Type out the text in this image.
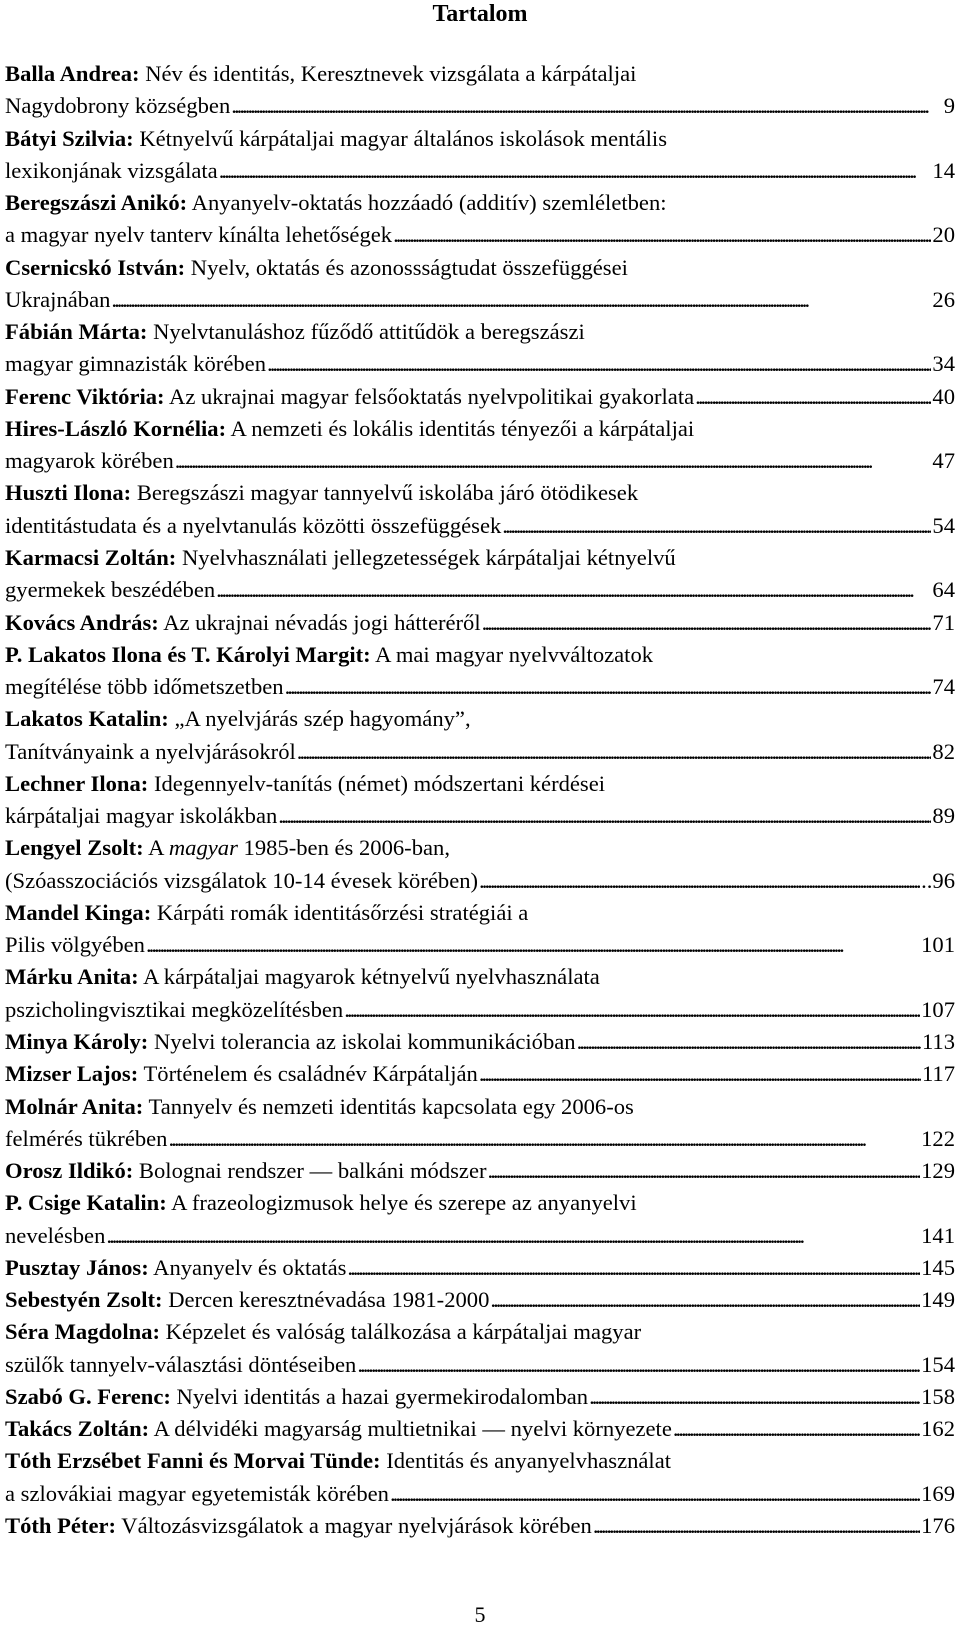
Tartalom
Balla Andrea: Név és identitás, Keresztnevek vizsgálata a kárpátaljai
Nagydobrony községben . . .	9
Bátyi Szilvia: Kétnyelvű kárpátaljai magyar általános iskolások mentális
lexikonjának vizsgálata . . .	14
Beregszászi Anikó: Anyanyelv-oktatás hozzáadó (additív) szemléletben:
a magyar nyelv tanterv kínálta lehetőségek . . .	20
Csernicskó István: Nyelv, oktatás és azonossságtudat összefüggései
Ukrajnában . . .	26
Fábián Márta: Nyelvtanuláshoz fűződő attitűdök a beregszászi
magyar gimnazisták körében . . .	34
Ferenc Viktória: Az ukrajnai magyar felsőoktatás nyelvpolitikai gyakorlata . . .	40
Hires-László Kornélia: A nemzeti és lokális identitás tényezői a kárpátaljai
magyarok körében . . .	47
Huszti Ilona: Beregszászi magyar tannyelvű iskolába járó ötödikesek
identitástudata és a nyelvtanulás közötti összefüggések . . .	54
Karmacsi Zoltán: Nyelvhasználati jellegzetességek kárpátaljai kétnyelvű
gyermekek beszédében . . .	64
Kovács András: Az ukrajnai névadás jogi hátteréről . . .	71
P. Lakatos Ilona és T. Károlyi Margit: A mai magyar nyelvváltozatok
megítélése több időmetszetben . . .	74
Lakatos Katalin: „A nyelvjárás szép hagyomány”,
Tanítványaink a nyelvjárásokról . . .	82
Lechner Ilona: Idegennyelv-tanítás (német) módszertani kérdései
kárpátaljai magyar iskolákban . . .	89
Lengyel Zsolt: A magyar 1985-ben és 2006-ban,
(Szóasszociációs vizsgálatok 10-14 évesek körében) . . .	..96
Mandel Kinga: Kárpáti romák identitásőrzési stratégiái a
Pilis völgyében . . .	101
Márku Anita: A kárpátaljai magyarok kétnyelvű nyelvhasználata
pszicholingvisztikai megközelítésben . . .	107
Minya Károly: Nyelvi tolerancia az iskolai kommunikációban . . .	113
Mizser Lajos: Történelem és családnév Kárpátalján . . .	117
Molnár Anita: Tannyelv és nemzeti identitás kapcsolata egy 2006-os
felmérés tükrében . . .	122
Orosz Ildikó: Bolognai rendszer — balkáni módszer . . .	129
P. Csige Katalin: A frazeologizmusok helye és szerepe az anyanyelvi
nevelésben . . .	141
Pusztay János: Anyanyelv és oktatás . . .	145
Sebestyén Zsolt: Dercen keresztnévadása 1981-2000 . . .	149
Séra Magdolna: Képzelet és valóság találkozása a kárpátaljai magyar
szülők tannyelv-választási döntéseiben . . .	154
Szabó G. Ferenc: Nyelvi identitás a hazai gyermekirodalomban . . .	158
Takács Zoltán: A délvidéki magyarság multietnikai — nyelvi környezete . . .	162
Tóth Erzsébet Fanni és Morvai Tünde: Identitás és anyanyelvhasználat
a szlovákiai magyar egyetemisták körében . . .	169
Tóth Péter: Változásvizsgálatok a magyar nyelvjárások körében . . .	176
5
